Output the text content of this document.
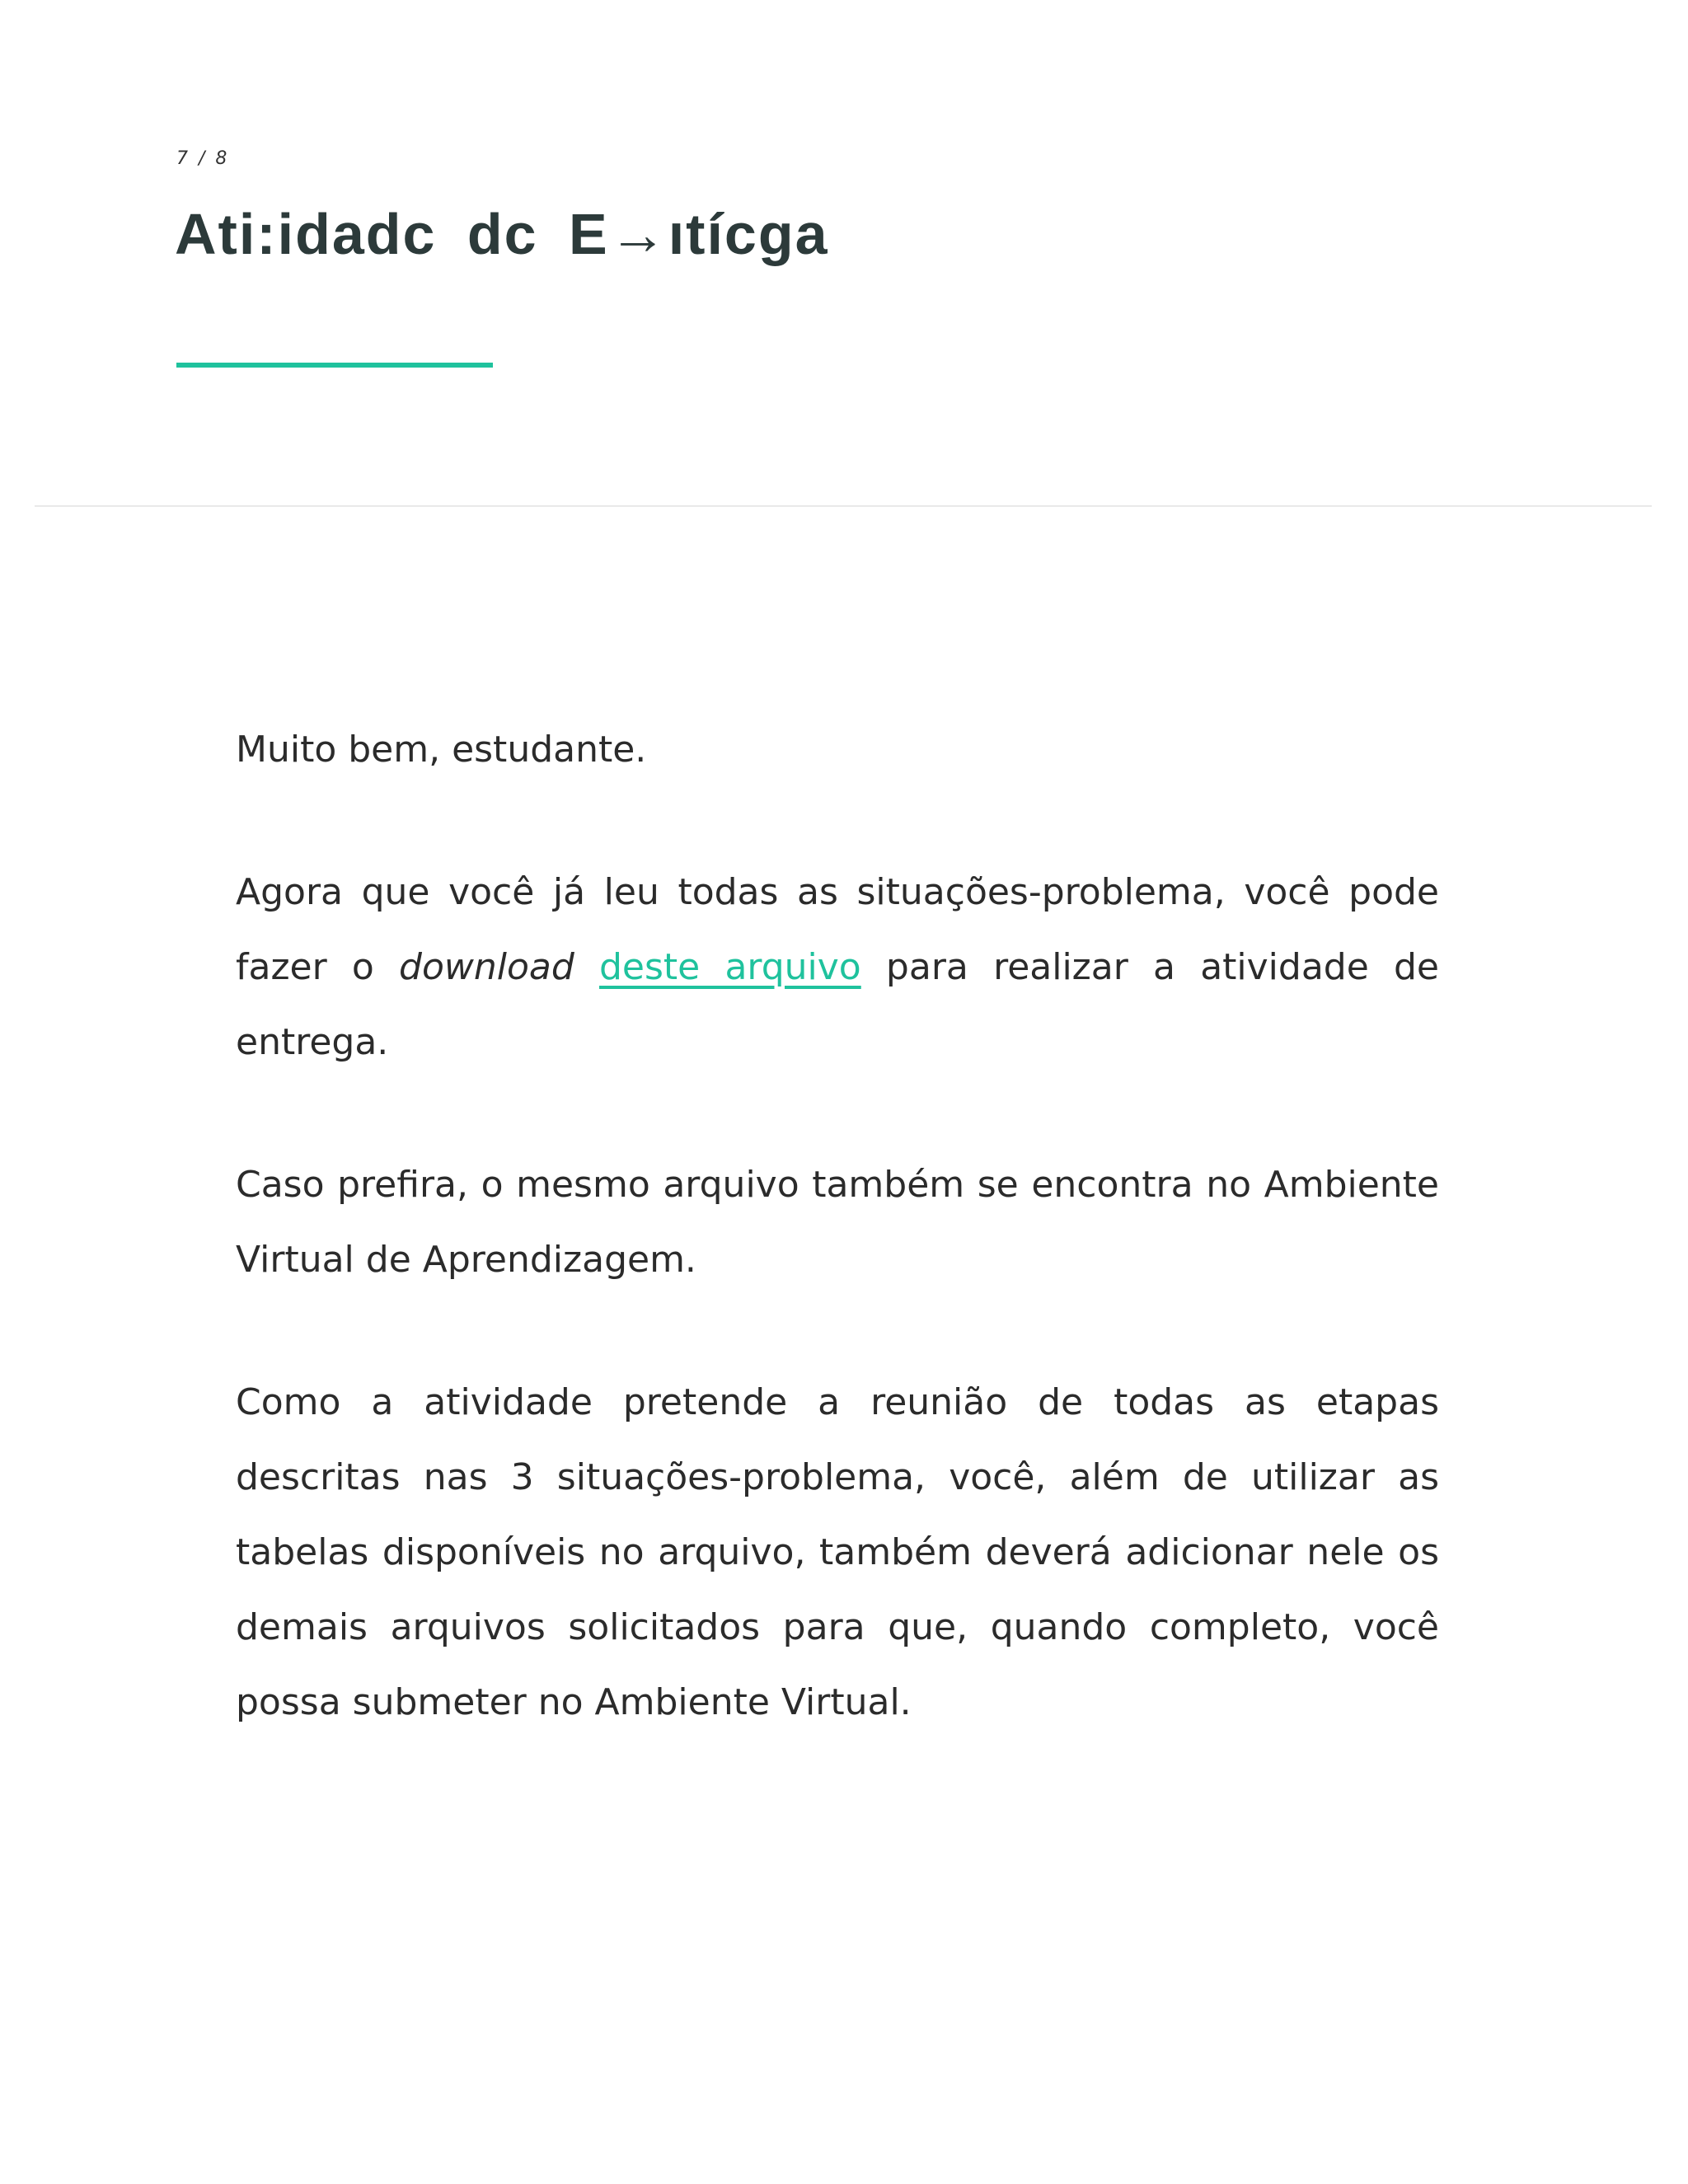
7 / 8
Ati:idadc dc E→ıtícga

Muito bem, estudante.

Agora que você já leu todas as situações-problema, você pode fazer o download deste arquivo para realizar a atividade de entrega.

Caso prefira, o mesmo arquivo também se encontra no Ambiente Virtual de Aprendizagem.

Como a atividade pretende a reunião de todas as etapas descritas nas 3 situações-problema, você, além de utilizar as tabelas disponíveis no arquivo, também deverá adicionar nele os demais arquivos solicitados para que, quando completo, você possa submeter no Ambiente Virtual.
